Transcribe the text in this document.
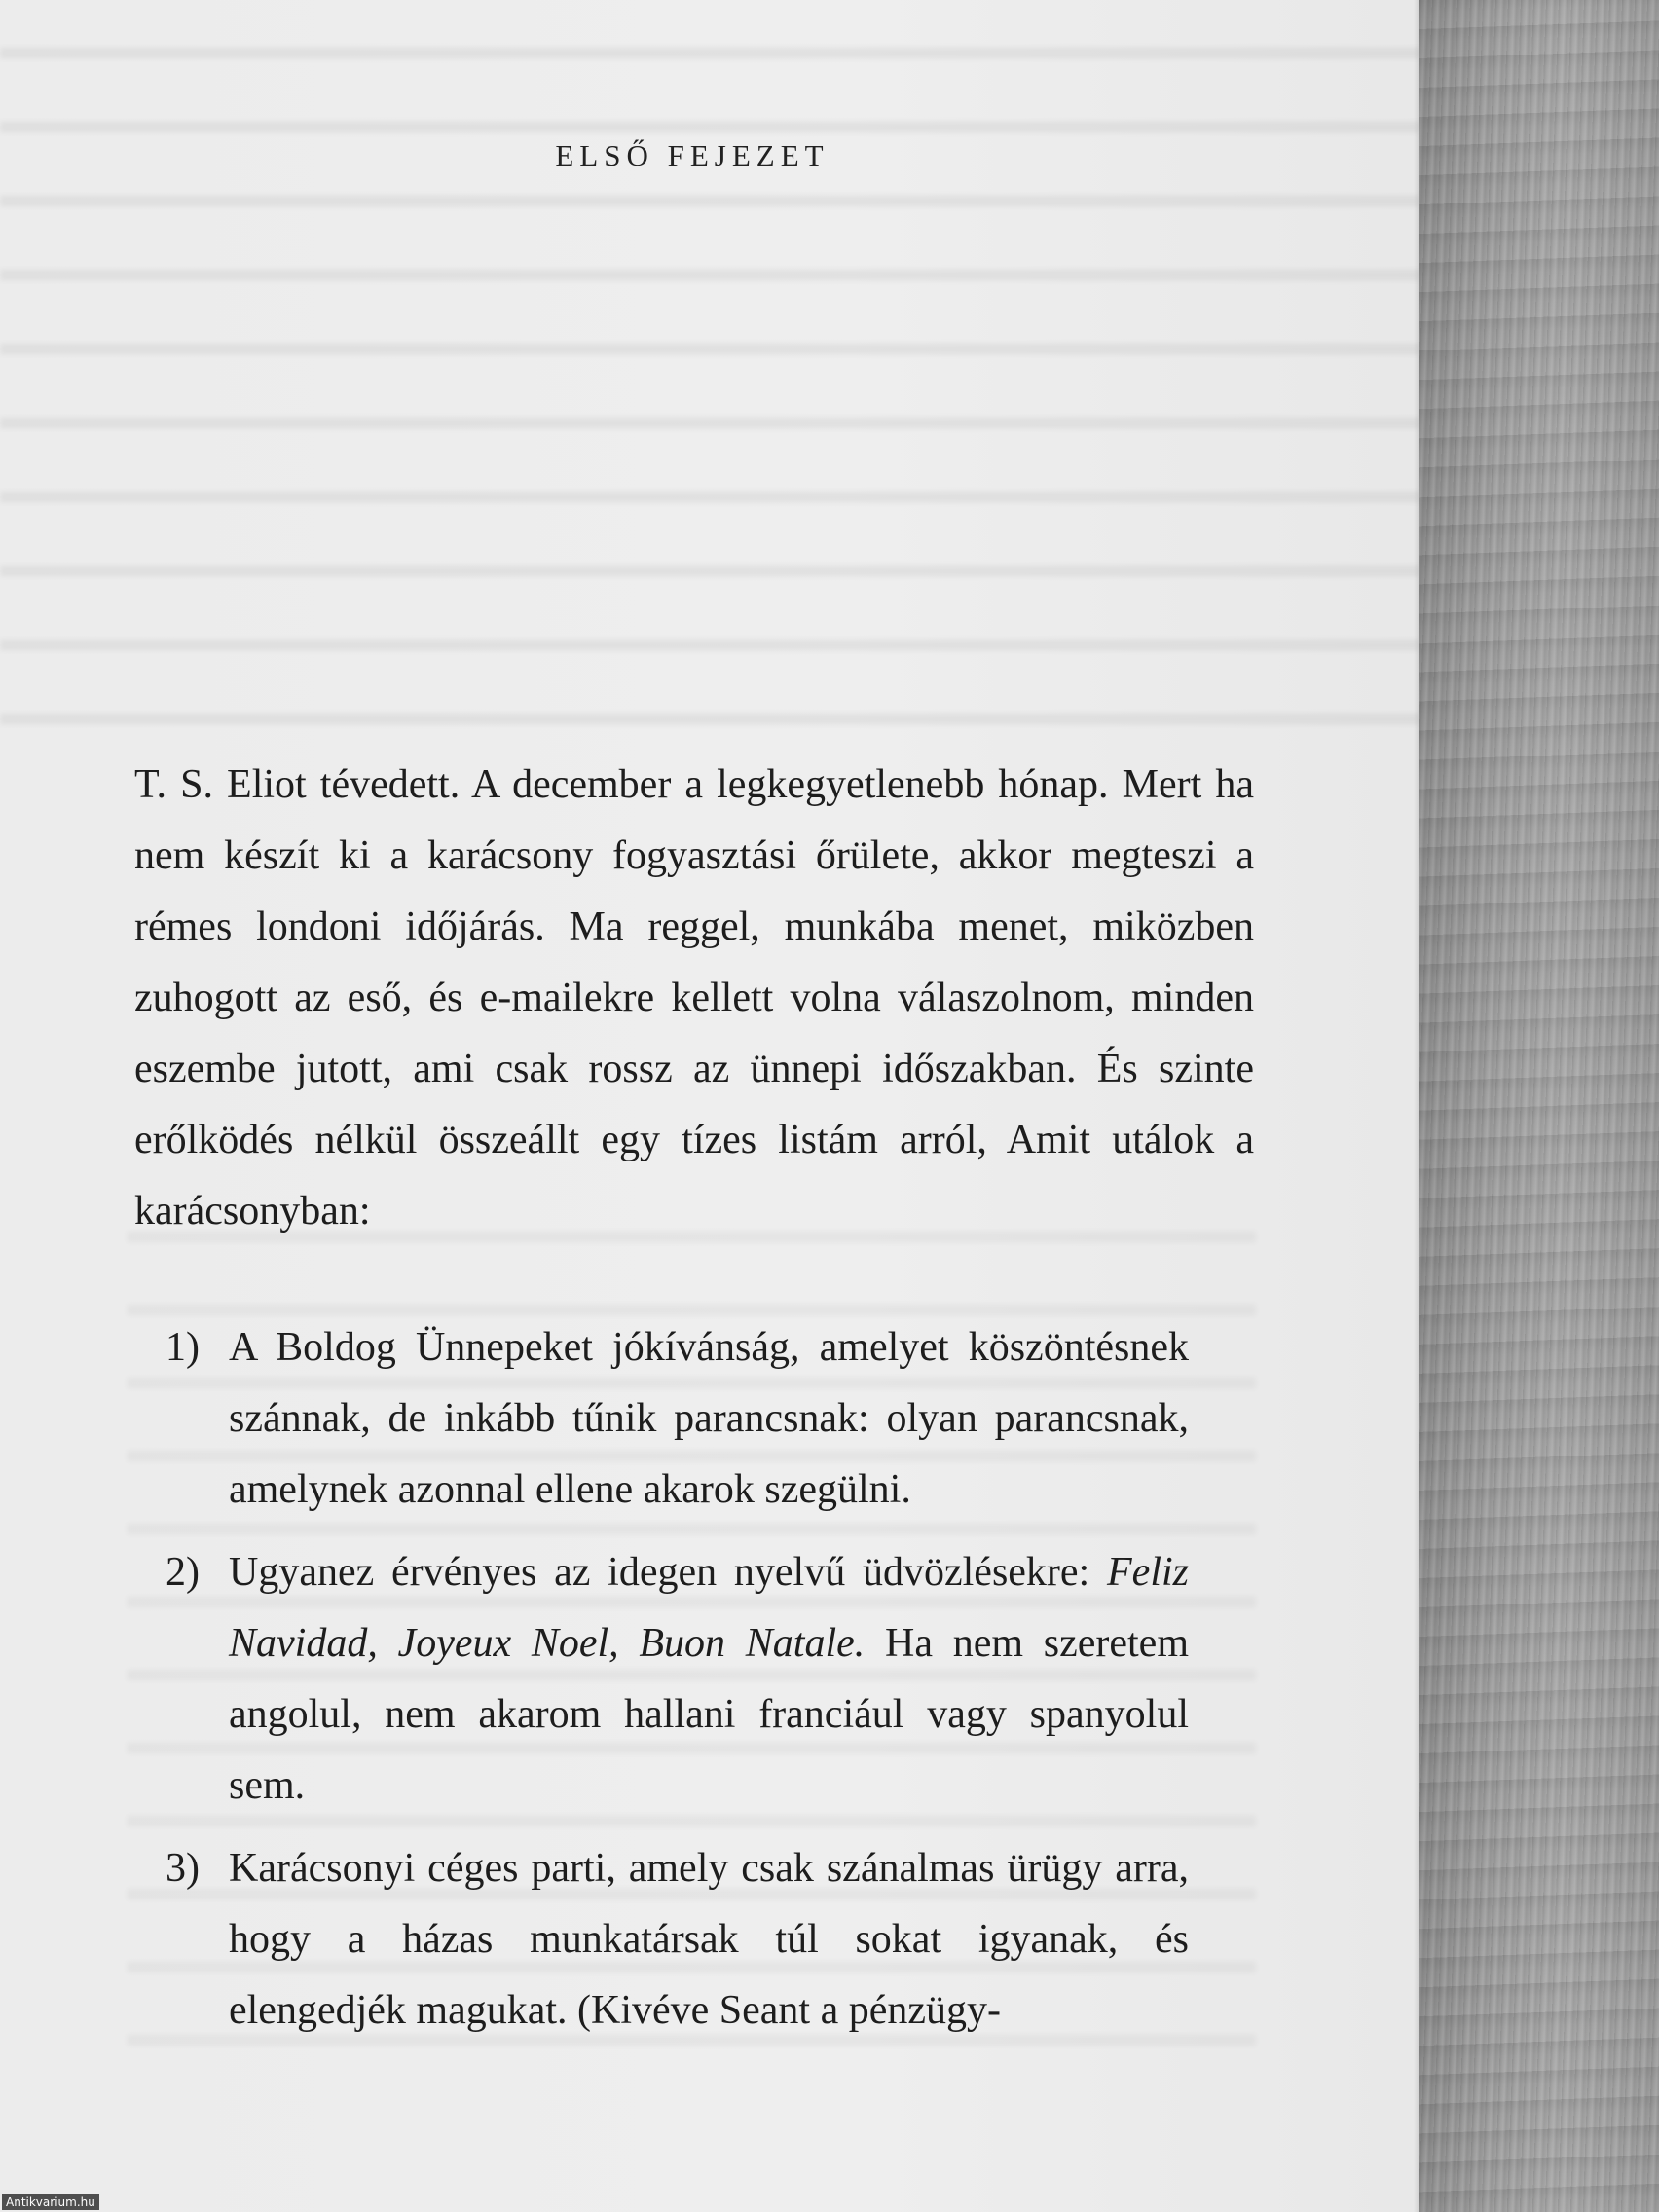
ELSŐ FEJEZET

T. S. Eliot tévedett. A december a legkegyetlenebb hónap. Mert ha nem készít ki a karácsony fogyasztási őrülete, akkor megteszi a rémes londoni időjárás. Ma reggel, munkába menet, miközben zuhogott az eső, és e-mailekre kellett volna válaszolnom, minden eszembe jutott, ami csak rossz az ünnepi időszakban. És szinte erőlködés nélkül összeállt egy tízes listám arról, Amit utálok a karácsonyban:

1) A Boldog Ünnepeket jókívánság, amelyet köszöntésnek szánnak, de inkább tűnik parancsnak: olyan parancsnak, amelynek azonnal ellene akarok szegülni.
2) Ugyanez érvényes az idegen nyelvű üdvözlésekre: Feliz Navidad, Joyeux Noel, Buon Natale. Ha nem szeretem angolul, nem akarom hallani franciául vagy spanyolul sem.
3) Karácsonyi céges parti, amely csak szánalmas ürügy arra, hogy a házas munkatársak túl sokat igyanak, és elengedjék magukat. (Kivéve Seant a pénzügy-
Antikvarium.hu
